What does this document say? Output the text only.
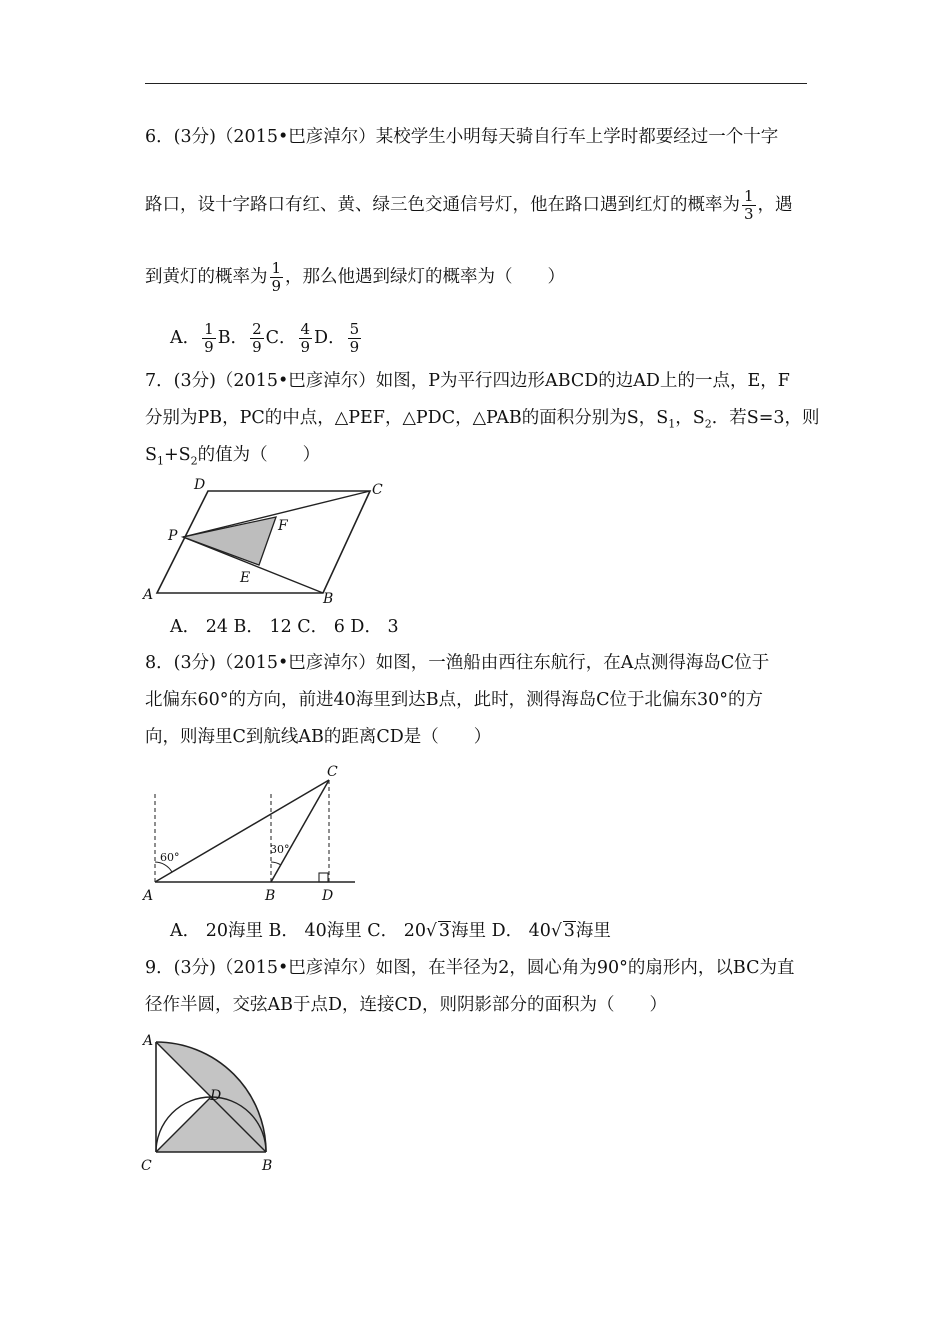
6．(3分)（2015•巴彦淖尔）某校学生小明每天骑自行车上学时都要经过一个十字
路口，设十字路口有红、黄、绿三色交通信号灯，他在路口遇到红灯的概率为 $\frac{1}{3}$ ，遇
到黄灯的概率为 $\frac{1}{9}$ ，那么他遇到绿灯的概率为（　　）
A． $\frac{1}{9}$ B． $\frac{2}{9}$ C． $\frac{4}{9}$ D． $\frac{5}{9}$
7．(3分)（2015•巴彦淖尔）如图，P为平行四边形ABCD的边AD上的一点，E，F
分别为PB，PC的中点，△PEF，△PDC，△PAB的面积分别为S，$S_1$，$S_2$．若S=3，则
$S_1+S_2$的值为（　　）
D	C
P
F
E
A	B
A． 24 B． 12 C． 6 D． 3
8．(3分)（2015•巴彦淖尔）如图，一渔船由西往东航行，在A点测得海岛C位于
北偏东60°的方向，前进40海里到达B点，此时，测得海岛C位于北偏东30°的方
向，则海里C到航线AB的距离CD是（　　）
60°
30°
C
A	B	D
A． 20海里 B． 40海里 C． 20√ 3海里 D． 40√ 3海里
9．(3分)（2015•巴彦淖尔）如图，在半径为2，圆心角为90°的扇形内，以BC为直
径作半圆，交弦AB于点D，连接CD，则阴影部分的面积为（　　）
A
D
C	B
